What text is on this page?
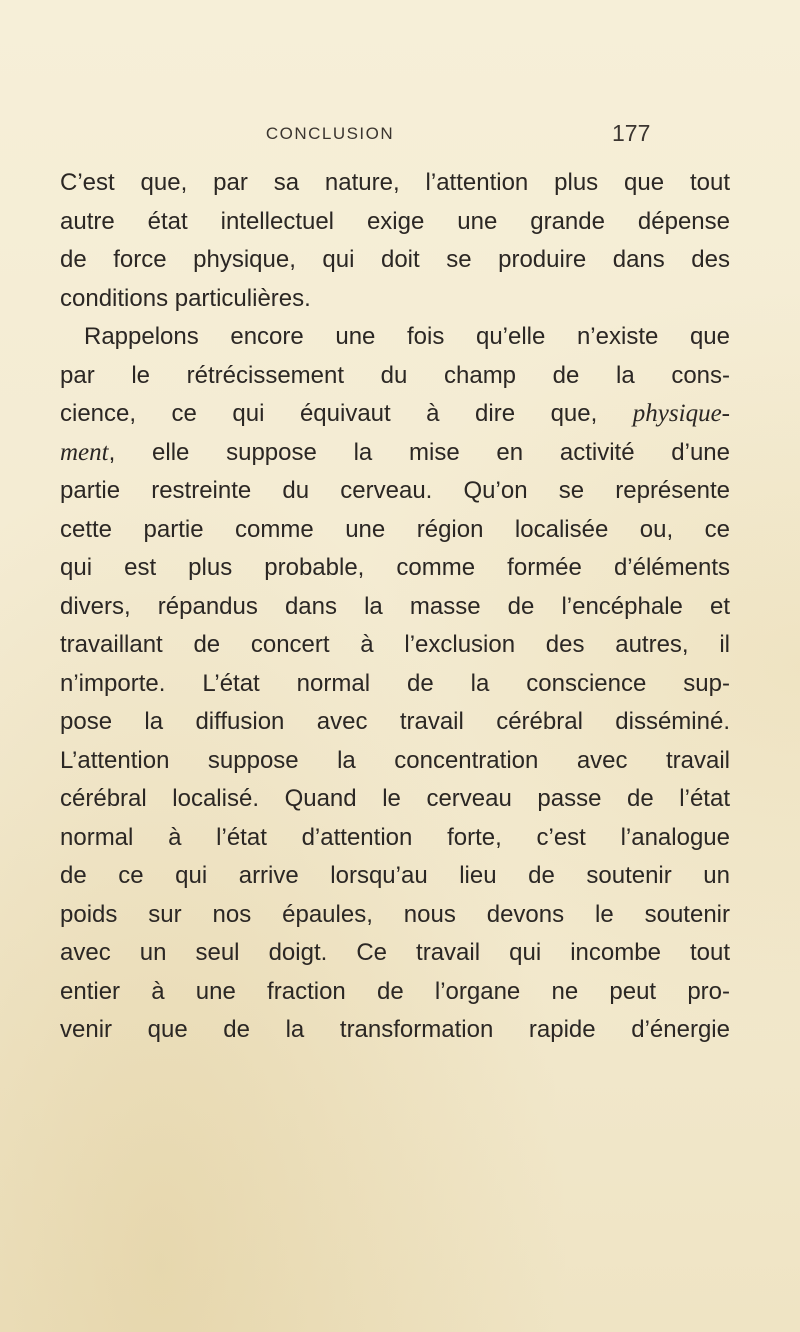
CONCLUSION	177
C’est que, par sa nature, l’attention plus que tout
autre état intellectuel exige une grande dépense
de force physique, qui doit se produire dans des
conditions particulières.
Rappelons encore une fois qu’elle n’existe que
par le rétrécissement du champ de la cons-
cience, ce qui équivaut à dire que, physique-
ment, elle suppose la mise en activité d’une
partie restreinte du cerveau. Qu’on se représente
cette partie comme une région localisée ou, ce
qui est plus probable, comme formée d’éléments
divers, répandus dans la masse de l’encéphale et
travaillant de concert à l’exclusion des autres, il
n’importe. L’état normal de la conscience sup-
pose la diffusion avec travail cérébral disséminé.
L’attention suppose la concentration avec travail
cérébral localisé. Quand le cerveau passe de l’état
normal à l’état d’attention forte, c’est l’analogue
de ce qui arrive lorsqu’au lieu de soutenir un
poids sur nos épaules, nous devons le soutenir
avec un seul doigt. Ce travail qui incombe tout
entier à une fraction de l’organe ne peut pro-
venir que de la transformation rapide d’énergie
